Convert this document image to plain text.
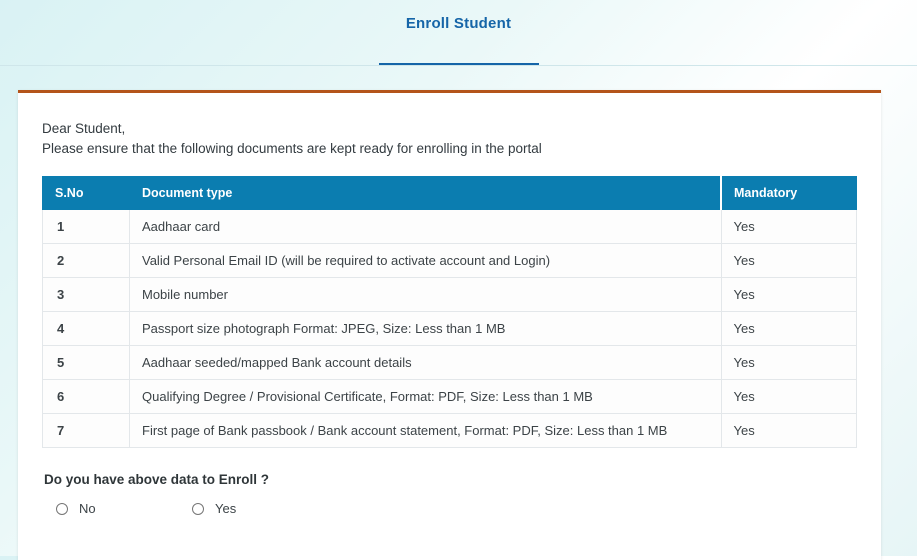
Enroll Student
Dear Student,
Please ensure that the following documents are kept ready for enrolling in the portal
S.No	Document type	Mandatory
1	Aadhaar card	Yes
2	Valid Personal Email ID (will be required to activate account and Login)	Yes
3	Mobile number	Yes
4	Passport size photograph Format: JPEG, Size: Less than 1 MB	Yes
5	Aadhaar seeded/mapped Bank account details	Yes
6	Qualifying Degree / Provisional Certificate, Format: PDF, Size: Less than 1 MB	Yes
7	First page of Bank passbook / Bank account statement, Format: PDF, Size: Less than 1 MB	Yes
Do you have above data to Enroll ?
No	Yes
